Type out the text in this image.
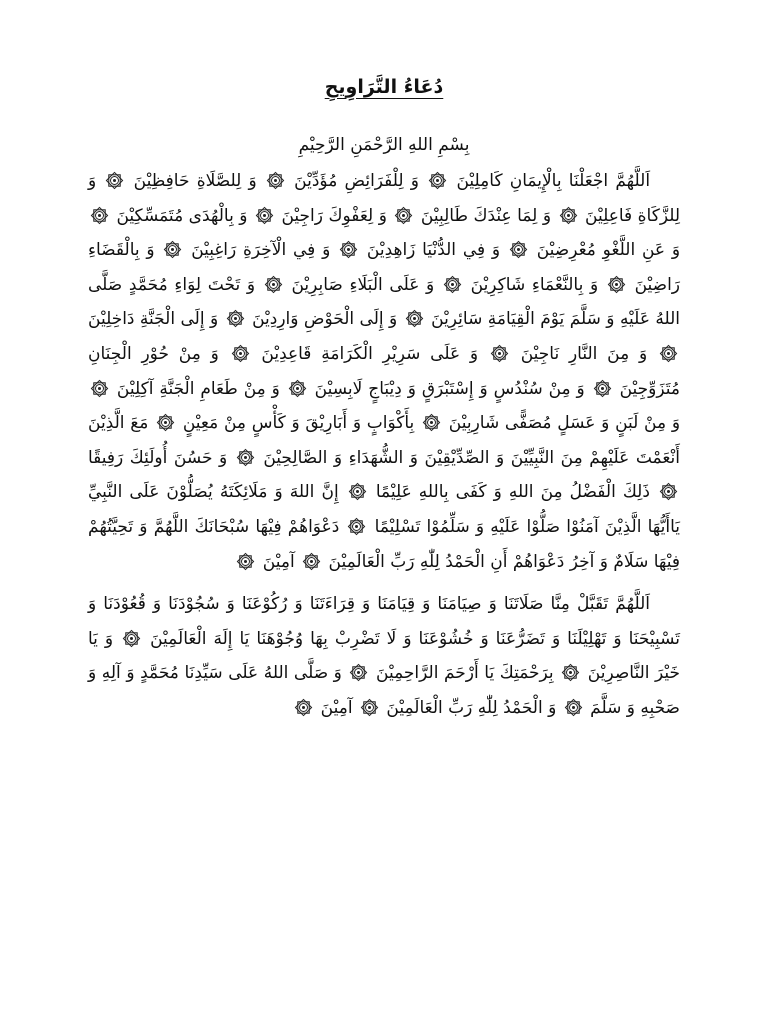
دُعَاءُ التَّرَاوِيحِ

بِسْمِ اللهِ الرَّحْمَنِ الرَّحِيْمِ

اَللَّهُمَّ اجْعَلْنَا بِالْإِيمَانِ كَامِلِيْنَ
وَ لِلْفَرَائِضِ مُؤَدِّيْنَ
وَ لِلصَّلَاةِ حَافِظِيْنَ
وَ لِلزَّكَاةِ فَاعِلِيْنَ
وَ لِمَا عِنْدَكَ طَالِبِيْنَ
وَ لِعَفْوِكَ رَاجِيْنَ
وَ بِالْهُدَى مُتَمَسِّكِيْنَ
وَ عَنِ اللَّغْوِ مُعْرِضِيْنَ
وَ فِي الدُّنْيَا زَاهِدِيْنَ
وَ فِي الْآخِرَةِ رَاغِبِيْنَ
وَ بِالْقَضَاءِ رَاضِيْنَ
وَ بِالنَّعْمَاءِ شَاكِرِيْنَ
وَ عَلَى الْبَلَاءِ صَابِرِيْنَ
وَ تَحْتَ لِوَاءِ مُحَمَّدٍ صَلَّى اللهُ عَلَيْهِ وَ سَلَّمَ يَوْمَ الْقِيَامَةِ سَائِرِيْنَ
وَ إِلَى الْحَوْضِ وَارِدِيْنَ
وَ إِلَى الْجَنَّةِ دَاخِلِيْنَ
وَ مِنَ النَّارِ نَاجِيْنَ
وَ عَلَى سَرِيْرِ الْكَرَامَةِ قَاعِدِيْنَ
وَ مِنْ حُوْرِ الْجِنَانِ مُتَزَوِّجِيْنَ
وَ مِنْ سُنْدُسٍ وَ إِسْتَبْرَقٍ وَ دِيْبَاجٍ لَابِسِيْنَ
وَ مِنْ طَعَامِ الْجَنَّةِ آكِلِيْنَ
وَ مِنْ لَبَنٍ وَ عَسَلٍ مُصَفًّى شَارِبِيْنَ
بِأَكْوَابٍ وَ أَبَارِيْقَ وَ كَأْسٍ مِنْ مَعِيْنٍ
مَعَ الَّذِيْنَ أَنْعَمْتَ عَلَيْهِمْ مِنَ النَّبِيِّيْنَ وَ الصِّدِّيْقِيْنَ وَ الشُّهَدَاءِ وَ الصَّالِحِيْنَ
وَ حَسُنَ أُولَئِكَ رَفِيقًا
ذَلِكَ الْفَضْلُ مِنَ اللهِ وَ كَفَى بِاللهِ عَلِيْمًا
إِنَّ اللهَ وَ مَلَائِكَتَهُ يُصَلُّوْنَ عَلَى النَّبِيِّ يَاأَيُّهَا الَّذِيْنَ آمَنُوْا صَلُّوْا عَلَيْهِ وَ سَلِّمُوْا تَسْلِيْمًا
دَعْوَاهُمْ فِيْهَا سُبْحَانَكَ اللَّهُمَّ وَ تَحِيَّتُهُمْ فِيْهَا سَلَامٌ وَ آخِرُ دَعْوَاهُمْ أَنِ الْحَمْدُ لِلّٰهِ رَبِّ الْعَالَمِيْنَ
آمِيْنَ

اَللَّهُمَّ تَقَبَّلْ مِنَّا صَلَاتَنَا وَ صِيَامَنَا وَ قِيَامَنَا وَ قِرَاءَتَنَا وَ رُكُوْعَنَا وَ سُجُوْدَنَا وَ قُعُوْدَنَا وَ تَسْبِيْحَنَا وَ تَهْلِيْلَنَا وَ تَضَرُّعَنَا وَ خُشُوْعَنَا وَ لَا تَضْرِبْ بِهَا وُجُوْهَنَا يَا إِلَهَ الْعَالَمِيْنَ
وَ يَا خَيْرَ النَّاصِرِيْنَ
بِرَحْمَتِكَ يَا أَرْحَمَ الرَّاحِمِيْنَ
وَ صَلَّى اللهُ عَلَى سَيِّدِنَا مُحَمَّدٍ وَ آلِهِ وَ صَحْبِهِ وَ سَلَّمَ
وَ الْحَمْدُ لِلّٰهِ رَبِّ الْعَالَمِيْنَ
آمِيْنَ
